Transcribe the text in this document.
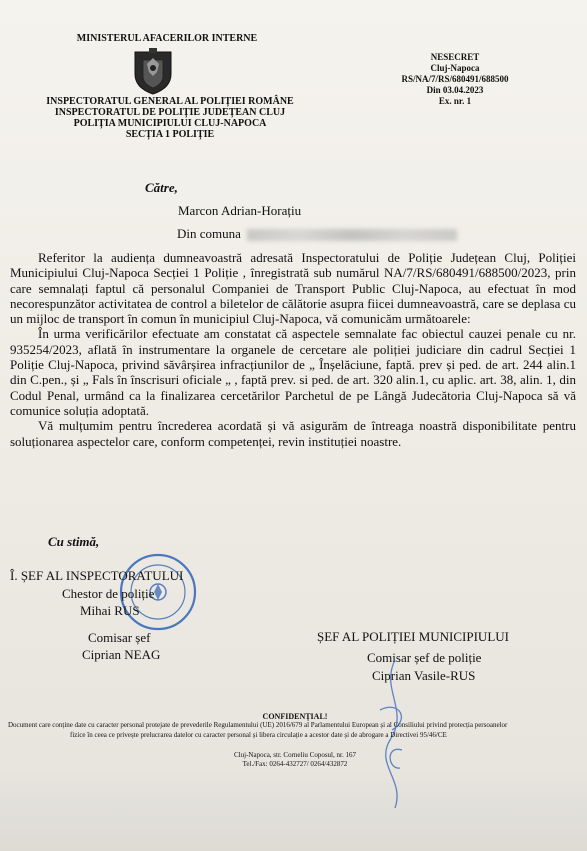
MINISTERUL AFACERILOR INTERNE
INSPECTORATUL GENERAL AL POLIȚIEI ROMÂNE
INSPECTORATUL DE POLIȚIE JUDEȚEAN CLUJ
POLIȚIA MUNICIPIULUI CLUJ-NAPOCA
SECȚIA 1 POLIȚIE
NESECRET
Cluj-Napoca
RS/NA/7/RS/680491/688500
Din 03.04.2023
Ex. nr. 1
Către,
Marcon Adrian-Horațiu
Din comuna
Referitor la audiența dumneavoastră adresată Inspectoratului de Poliție Județean Cluj, Poliției Municipiului Cluj-Napoca Secției 1 Poliție , înregistrată sub numărul NA/7/RS/680491/688500/2023, prin care semnalați faptul că personalul Companiei de Transport Public Cluj-Napoca, au efectuat în mod necorespunzător activitatea de control a biletelor de călătorie asupra fiicei dumneavoastră, care se deplasa cu un mijloc de transport în comun în municipiul Cluj-Napoca, vă comunicăm următoarele:
În urma verificărilor efectuate am constatat că aspectele semnalate fac obiectul cauzei penale cu nr. 935254/2023, aflată în instrumentare la organele de cercetare ale poliției judiciare din cadrul Secției 1 Poliție Cluj-Napoca, privind săvârșirea infracțiunilor de „ Înșelăciune, faptă. prev și ped. de art. 244 alin.1 din C.pen., și „ Fals în înscrisuri oficiale „ , faptă prev. si ped. de art. 320 alin.1, cu aplic. art. 38, alin. 1, din Codul Penal, urmând ca la finalizarea cercetărilor Parchetul de pe Lângă Judecătoria Cluj-Napoca să vă comunice soluția adoptată.
Vă mulțumim pentru încrederea acordată și vă asigurăm de întreaga noastră disponibilitate pentru soluționarea aspectelor care, conform competenței, revin instituției noastre.
Cu stimă,
Î. ȘEF AL INSPECTORATULUI
Chestor de poliție
Mihai RUS
Comisar șef
Ciprian NEAG
ȘEF AL POLIȚIEI MUNICIPIULUI
Comisar șef de poliție
Ciprian Vasile-RUS
CONFIDENȚIAL!
Document care conține date cu caracter personal protejate de prevederile Regulamentului (UE) 2016/679 al Parlamentului European și al Consiliului privind protecția persoanelor
fizice în ceea ce privește prelucrarea datelor cu caracter personal și libera circulație a acestor date și de abrogare a Directivei 95/46/CE
Cluj-Napoca, str. Corneliu Coposul, nr. 167
Tel./Fax: 0264-432727/ 0264/432872
